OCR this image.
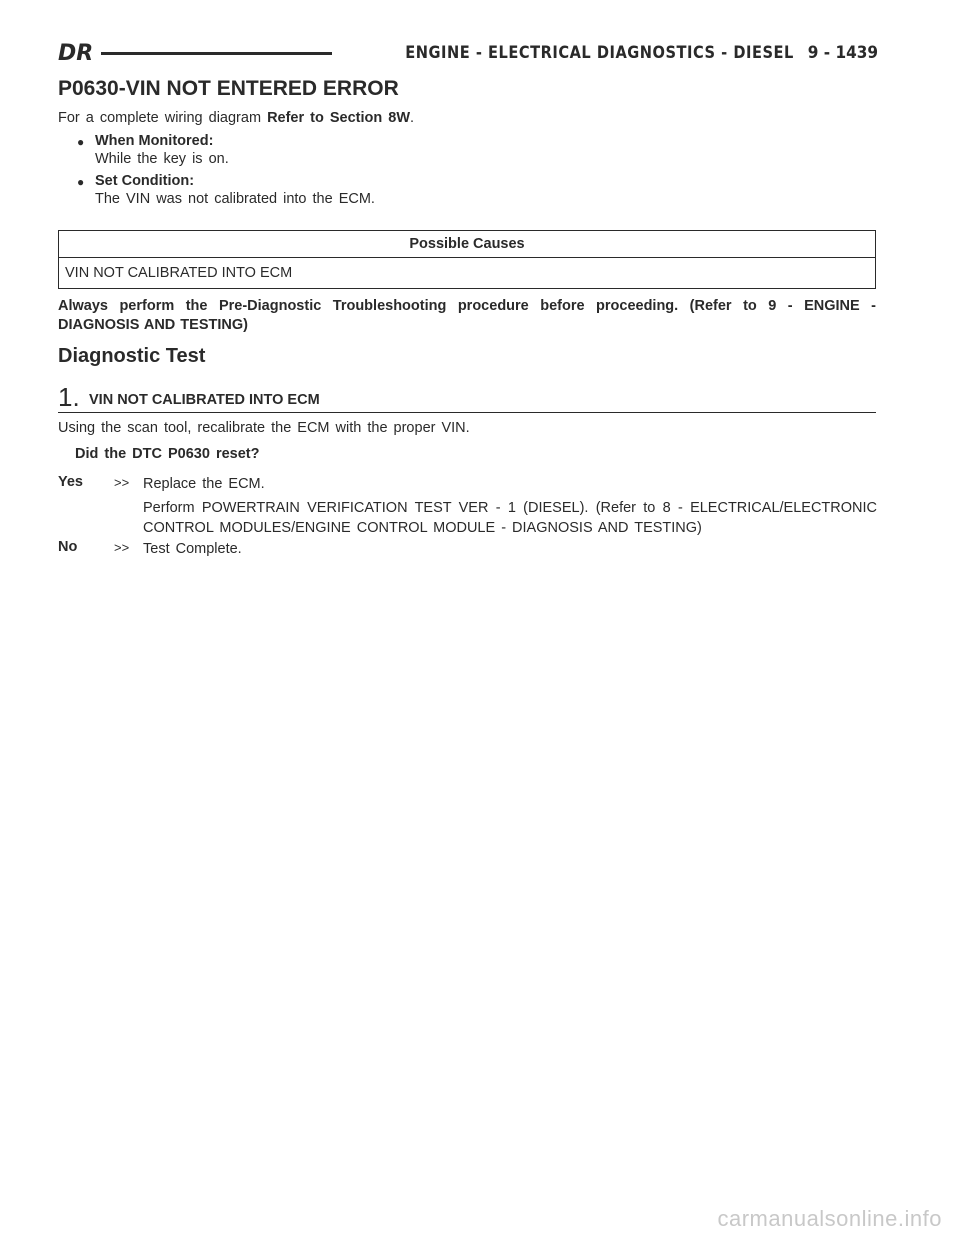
DR	ENGINE - ELECTRICAL DIAGNOSTICS - DIESEL 9 - 1439
P0630-VIN NOT ENTERED ERROR
For a complete wiring diagram Refer to Section 8W.
● When Monitored:
While the key is on.
● Set Condition:
The VIN was not calibrated into the ECM.
Possible Causes
VIN NOT CALIBRATED INTO ECM
Always perform the Pre-Diagnostic Troubleshooting procedure before proceeding. (Refer to 9 - ENGINE - DIAGNOSIS AND TESTING)
Diagnostic Test
1. VIN NOT CALIBRATED INTO ECM
Using the scan tool, recalibrate the ECM with the proper VIN.
Did the DTC P0630 reset?
Yes >> Replace the ECM.
Perform POWERTRAIN VERIFICATION TEST VER - 1 (DIESEL). (Refer to 8 - ELECTRICAL/ELECTRONIC CONTROL MODULES/ENGINE CONTROL MODULE - DIAGNOSIS AND TESTING)
No	>> Test Complete.
carmanualsonline.info
